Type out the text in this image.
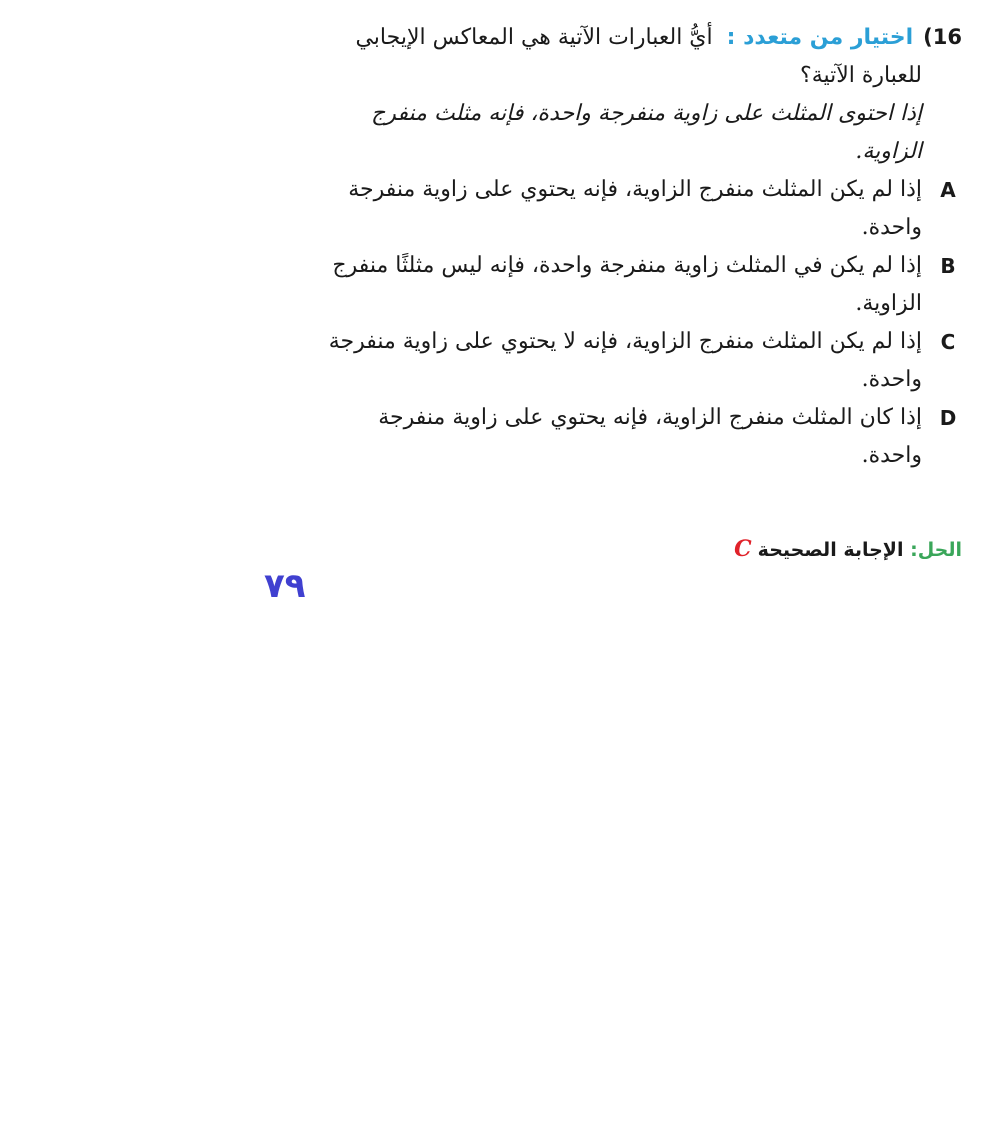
16)اختيار من متعدد :أيُّ العبارات الآتية هي المعاكس الإيجابي
للعبارة الآتية؟
إذا احتوى المثلث على زاوية منفرجة واحدة، فإنه مثلث منفرج
الزاوية.
A
إذا لم يكن المثلث منفرج الزاوية، فإنه يحتوي على زاوية منفرجة واحدة.
B
إذا لم يكن في المثلث زاوية منفرجة واحدة، فإنه ليس مثلثًا منفرج الزاوية.
C
إذا لم يكن المثلث منفرج الزاوية، فإنه لا يحتوي على زاوية منفرجة واحدة.
D
إذا كان المثلث منفرج الزاوية، فإنه يحتوي على زاوية منفرجة واحدة.
الحل: الإجابة الصحيحةC
٧٩
